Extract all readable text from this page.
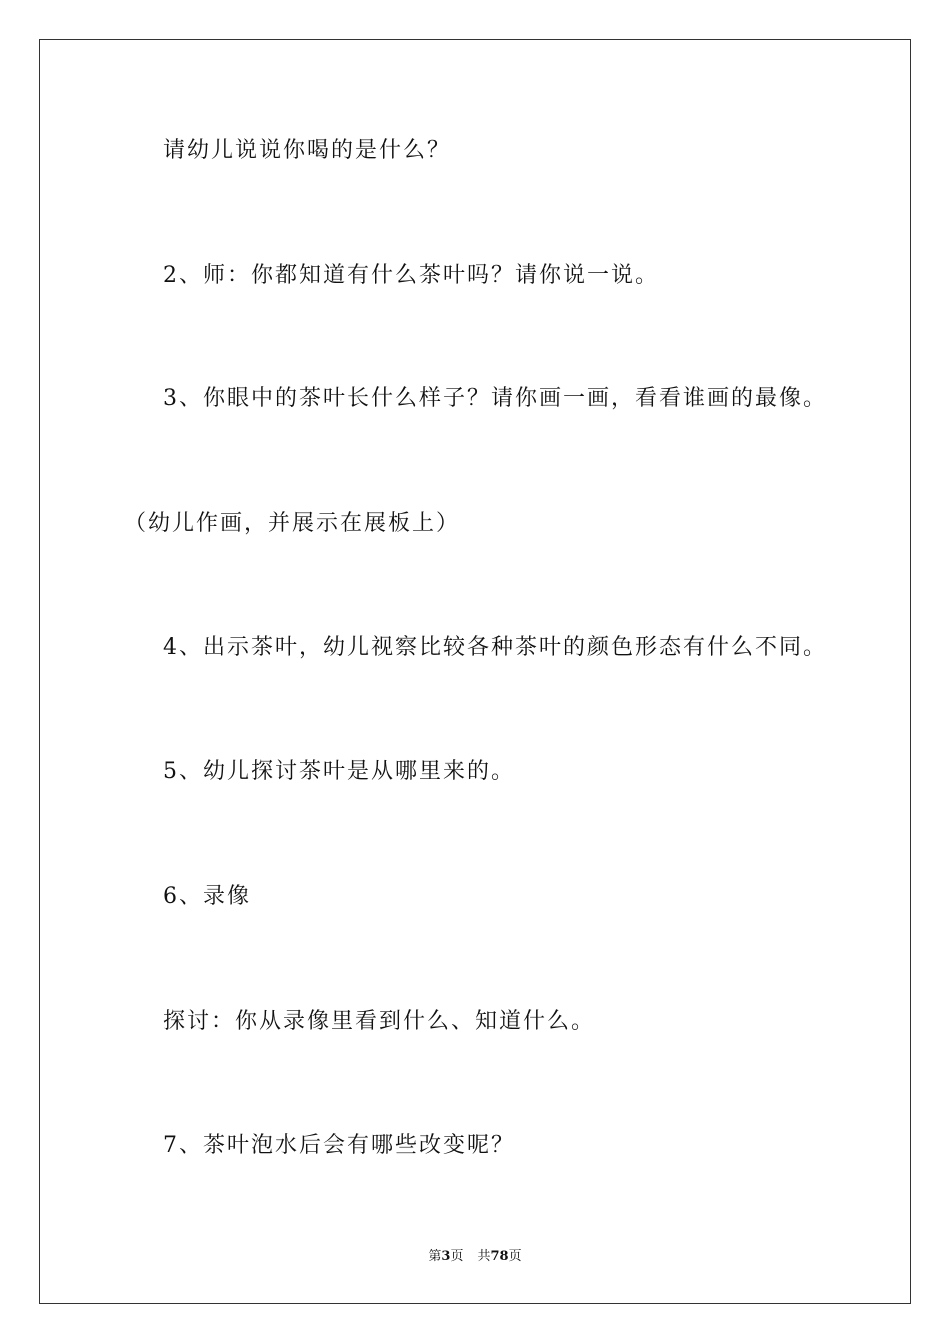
请幼儿说说你喝的是什么？
2、师：你都知道有什么茶叶吗？请你说一说。
3、你眼中的茶叶长什么样子？请你画一画，看看谁画的最像。
（幼儿作画，并展示在展板上）
4、出示茶叶，幼儿视察比较各种茶叶的颜色形态有什么不同。
5、幼儿探讨茶叶是从哪里来的。
6、录像
探讨：你从录像里看到什么、知道什么。
7、茶叶泡水后会有哪些改变呢？
第3页 共78页
